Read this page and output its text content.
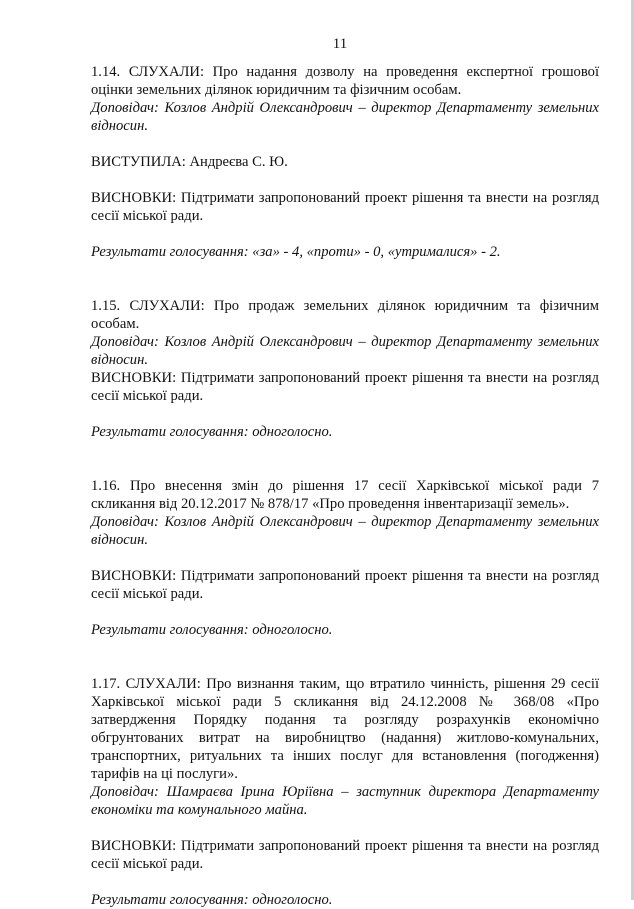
11

1.14. СЛУХАЛИ: Про надання дозволу на проведення експертної грошової оцінки земельних ділянок юридичним та фізичним особам.

Доповідач: Козлов Андрій Олександрович – директор Департаменту земельних відносин.

ВИСТУПИЛА: Андреєва С. Ю.

ВИСНОВКИ: Підтримати запропонований проект рішення та внести на розгляд сесії міської ради.

Результати голосування: «за» - 4, «проти» - 0, «утрималися» - 2.

1.15. СЛУХАЛИ: Про продаж земельних ділянок юридичним та фізичним особам.

Доповідач: Козлов Андрій Олександрович – директор Департаменту земельних відносин.

ВИСНОВКИ: Підтримати запропонований проект рішення та внести на розгляд сесії міської ради.

Результати голосування: одноголосно.

1.16. Про внесення змін до рішення 17 сесії Харківської міської ради 7 скликання від 20.12.2017 № 878/17 «Про проведення інвентаризації земель».

Доповідач: Козлов Андрій Олександрович – директор Департаменту земельних відносин.

ВИСНОВКИ: Підтримати запропонований проект рішення та внести на розгляд сесії міської ради.

Результати голосування: одноголосно.

1.17. СЛУХАЛИ: Про визнання таким, що втратило чинність, рішення 29 сесії Харківської міської ради 5 скликання від 24.12.2008 № 368/08 «Про затвердження Порядку подання та розгляду розрахунків економічно обгрунтованих витрат на виробництво (надання) житлово-комунальних, транспортних, ритуальних та інших послуг для встановлення (погодження) тарифів на ці послуги».

Доповідач: Шамраєва Ірина Юріївна – заступник директора Департаменту економіки та комунального майна.

ВИСНОВКИ: Підтримати запропонований проект рішення та внести на розгляд сесії міської ради.

Результати голосування: одноголосно.
